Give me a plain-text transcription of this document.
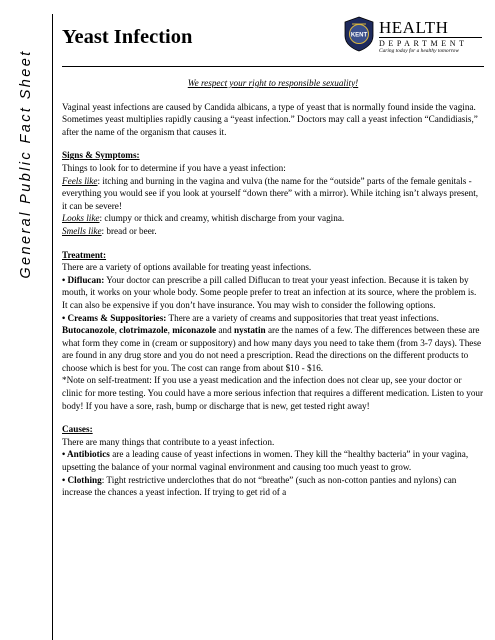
General Public Fact Sheet
Yeast Infection	KENT HEALTH
DEPARTMENT
Caring today for a healthy tomorrow
We respect your right to responsible sexuality!

Vaginal yeast infections are caused by Candida albicans, a type of yeast that is normally found inside the vagina. Sometimes yeast multiplies rapidly causing a “yeast infection.” Doctors may call a yeast infection “Candidiasis,” after the name of the organism that causes it.

Signs & Symptoms:
Things to look for to determine if you have a yeast infection:
Feels like: itching and burning in the vagina and vulva (the name for the “outside” parts of the female genitals - everything you would see if you look at yourself “down there” with a mirror). While itching isn’t always present, it can be severe!
Looks like: clumpy or thick and creamy, whitish discharge from your vagina.
Smells like: bread or beer.

Treatment:
There are a variety of options available for treating yeast infections.
• Diflucan: Your doctor can prescribe a pill called Diflucan to treat your yeast infection. Because it is taken by mouth, it works on your whole body. Some people prefer to treat an infection at its source, where the problem is. It can also be expensive if you don’t have insurance. You may wish to consider the following options.
• Creams & Suppositories: There are a variety of creams and suppositories that treat yeast infections. Butocanozole, clotrimazole, miconazole and nystatin are the names of a few. The differences between these are what form they come in (cream or suppository) and how many days you need to take them (from 3-7 days). These are found in any drug store and you do not need a prescription. Read the directions on the different products to choose which is best for you. The cost can range from about $10 - $16.
*Note on self-treatment: If you use a yeast medication and the infection does not clear up, see your doctor or clinic for more testing. You could have a more serious infection that requires a different medication. Listen to your body! If you have a sore, rash, bump or discharge that is new, get tested right away!

Causes:
There are many things that contribute to a yeast infection.
• Antibiotics are a leading cause of yeast infections in women. They kill the “healthy bacteria” in your vagina, upsetting the balance of your normal vaginal environment and causing too much yeast to grow.
• Clothing: Tight restrictive underclothes that do not “breathe” (such as non-cotton panties and nylons) can increase the chances a yeast infection. If trying to get rid of a
